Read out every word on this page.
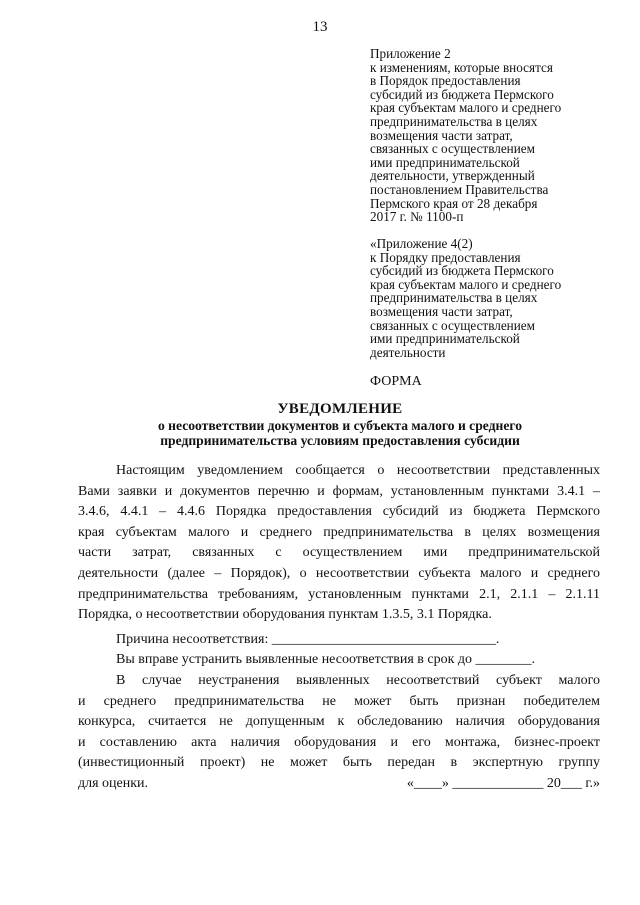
13
Приложение 2
к изменениям, которые вносятся
в Порядок предоставления
субсидий из бюджета Пермского
края субъектам малого и среднего
предпринимательства в целях
возмещения части затрат,
связанных с осуществлением
ими предпринимательской
деятельности, утвержденный
постановлением Правительства
Пермского края от 28 декабря
2017 г. № 1100-п
«Приложение 4(2)
к Порядку предоставления
субсидий из бюджета Пермского
края субъектам малого и среднего
предпринимательства в целях
возмещения части затрат,
связанных с осуществлением
ими предпринимательской
деятельности
ФОРМА
УВЕДОМЛЕНИЕ
о несоответствии документов и субъекта малого и среднего
предпринимательства условиям предоставления субсидии
Настоящим уведомлением сообщается о несоответствии представленных
Вами заявки и документов перечню и формам, установленным пунктами 3.4.1 –
3.4.6, 4.4.1 – 4.4.6 Порядка предоставления субсидий из бюджета Пермского
края субъектам малого и среднего предпринимательства в целях возмещения
части затрат, связанных с осуществлением ими предпринимательской
деятельности (далее – Порядок), о несоответствии субъекта малого и среднего
предпринимательства требованиям, установленным пунктами 2.1, 2.1.1 – 2.1.11
Порядка, о несоответствии оборудования пунктам 1.3.5, 3.1 Порядка.
Причина несоответствия: ________________________________.
Вы вправе устранить выявленные несоответствия в срок до ________.
В случае неустранения выявленных несоответствий субъект малого
и среднего предпринимательства не может быть признан победителем
конкурса, считается не допущенным к обследованию наличия оборудования
и составлению акта наличия оборудования и его монтажа, бизнес-проект
(инвестиционный проект) не может быть передан в экспертную группу
для оценки.	«____» _____________ 20___ г.»
